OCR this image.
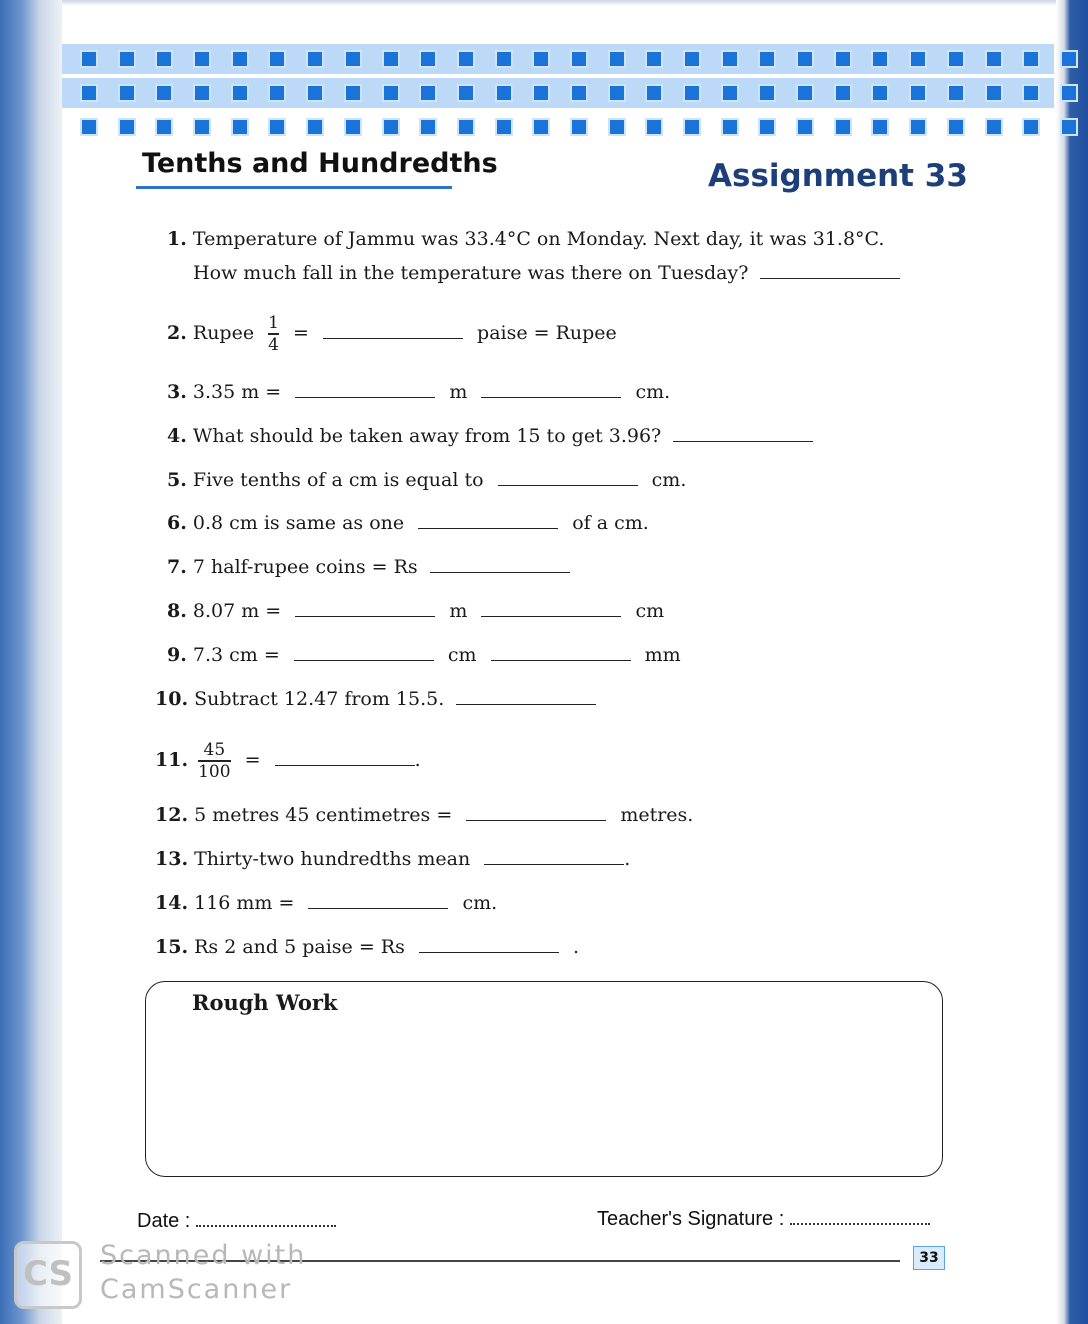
Tenths and Hundredths	Assignment 33
1. Temperature of Jammu was 33.4°C on Monday. Next day, it was 31.8°C.
How much fall in the temperature was there on Tuesday?
2. Rupee $\frac{1}{4}$ =	paise = Rupee
3. 3.35 m =	m	cm.
4. What should be taken away from 15 to get 3.96?
5. Five tenths of a cm is equal to	cm.
6. 0.8 cm is same as one	of a cm.
7. 7 half-rupee coins = Rs
8. 8.07 m =	m	cm
9. 7.3 cm =	cm	mm
10. Subtract 12.47 from 15.5.
11. $\frac{45}{100}$ =	.
12. 5 metres 45 centimetres =	metres.
13. Thirty-two hundredths mean	.
14. 116 mm =	cm.
15. Rs 2 and 5 paise = Rs	.
Rough Work
Date :	Teacher's Signature :
33
CS Scanned with
CamScanner
